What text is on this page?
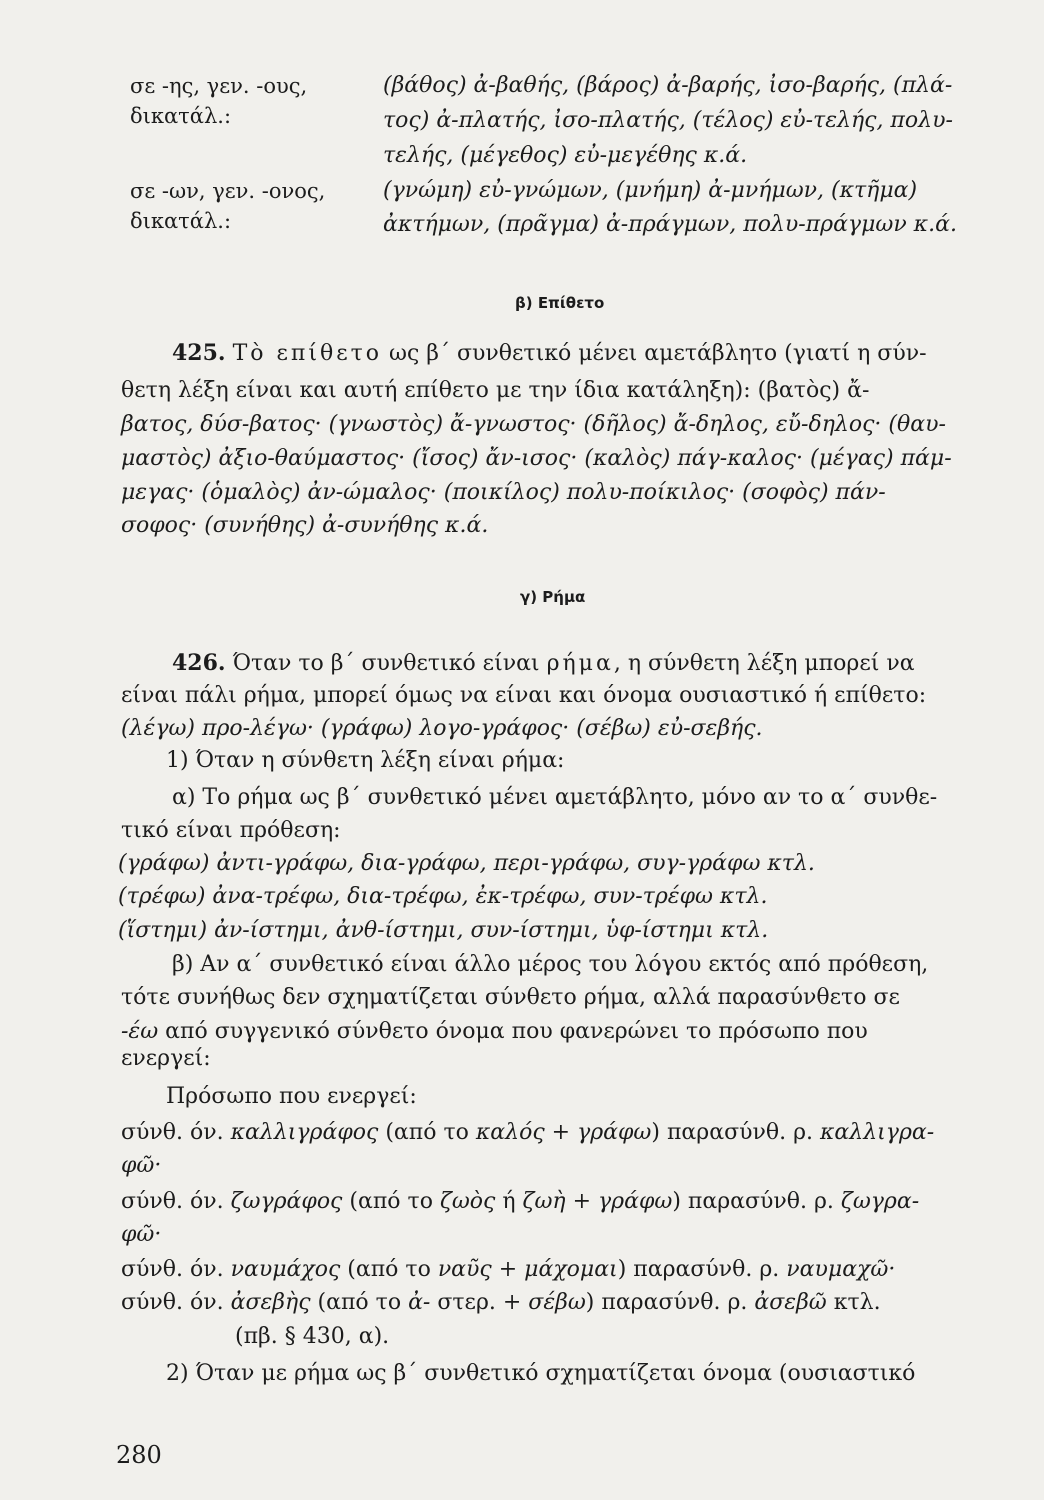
σε -ης, γεν. -ους,	(βάθος) ἀ-βαθής, (βάρος) ἀ-βαρής, ἰσο-βαρής, (πλά-
δικατάλ.:	τος) ἀ-πλατής, ἰσο-πλατής, (τέλος) εὐ-τελής, πολυ-
τελής, (μέγεθος) εὐ-μεγέθης κ.ά.
σε -ων, γεν. -ονος,	(γνώμη) εὐ-γνώμων, (μνήμη) ἀ-μνήμων, (κτῆμα)
δικατάλ.:	ἀκτήμων, (πρᾶγμα) ἀ-πράγμων, πολυ-πράγμων κ.ά.
β) Επίθετο
425. Τὸ επίθετο ως β΄ συνθετικό μένει αμετάβλητο (γιατί η σύν-
θετη λέξη είναι και αυτή επίθετο με την ίδια κατάληξη): (βατὸς) ἄ-
βατος, δύσ-βατος· (γνωστὸς) ἄ-γνωστος· (δῆλος) ἄ-δηλος, εὔ-δηλος· (θαυ-
μαστὸς) ἀξιο-θαύμαστος· (ἴσος) ἄν-ισος· (καλὸς) πάγ-καλος· (μέγας) πάμ-
μεγας· (ὁμαλὸς) ἀν-ώμαλος· (ποικίλος) πολυ-ποίκιλος· (σοφὸς) πάν-
σοφος· (συνήθης) ἀ-συνήθης κ.ά.
γ) Ρήμα
426. Όταν το β΄ συνθετικό είναι ρήμα, η σύνθετη λέξη μπορεί να
είναι πάλι ρήμα, μπορεί όμως να είναι και όνομα ουσιαστικό ή επίθετο:
(λέγω) προ-λέγω· (γράφω) λογο-γράφος· (σέβω) εὐ-σεβής.
1) Όταν η σύνθετη λέξη είναι ρήμα:
α) Το ρήμα ως β΄ συνθετικό μένει αμετάβλητο, μόνο αν το α΄ συνθε-
τικό είναι πρόθεση:
(γράφω) ἀντι-γράφω, δια-γράφω, περι-γράφω, συγ-γράφω κτλ.
(τρέφω) ἀνα-τρέφω, δια-τρέφω, ἐκ-τρέφω, συν-τρέφω κτλ.
(ἵστημι) ἀν-ίστημι, ἀνθ-ίστημι, συν-ίστημι, ὑφ-ίστημι κτλ.
β) Αν α΄ συνθετικό είναι άλλο μέρος του λόγου εκτός από πρόθεση,
τότε συνήθως δεν σχηματίζεται σύνθετο ρήμα, αλλά παρασύνθετο σε
-έω από συγγενικό σύνθετο όνομα που φανερώνει το πρόσωπο που
ενεργεί:
Πρόσωπο που ενεργεί:
σύνθ. όν. καλλιγράφος (από το καλός + γράφω) παρασύνθ. ρ. καλλιγρα-
φῶ·
σύνθ. όν. ζωγράφος (από το ζωὸς ή ζωὴ + γράφω) παρασύνθ. ρ. ζωγρα-
φῶ·
σύνθ. όν. ναυμάχος (από το ναῦς + μάχομαι) παρασύνθ. ρ. ναυμαχῶ·
σύνθ. όν. ἀσεβὴς (από το ἀ- στερ. + σέβω) παρασύνθ. ρ. ἀσεβῶ κτλ.
(πβ. § 430, α).
2) Όταν με ρήμα ως β΄ συνθετικό σχηματίζεται όνομα (ουσιαστικό
280
